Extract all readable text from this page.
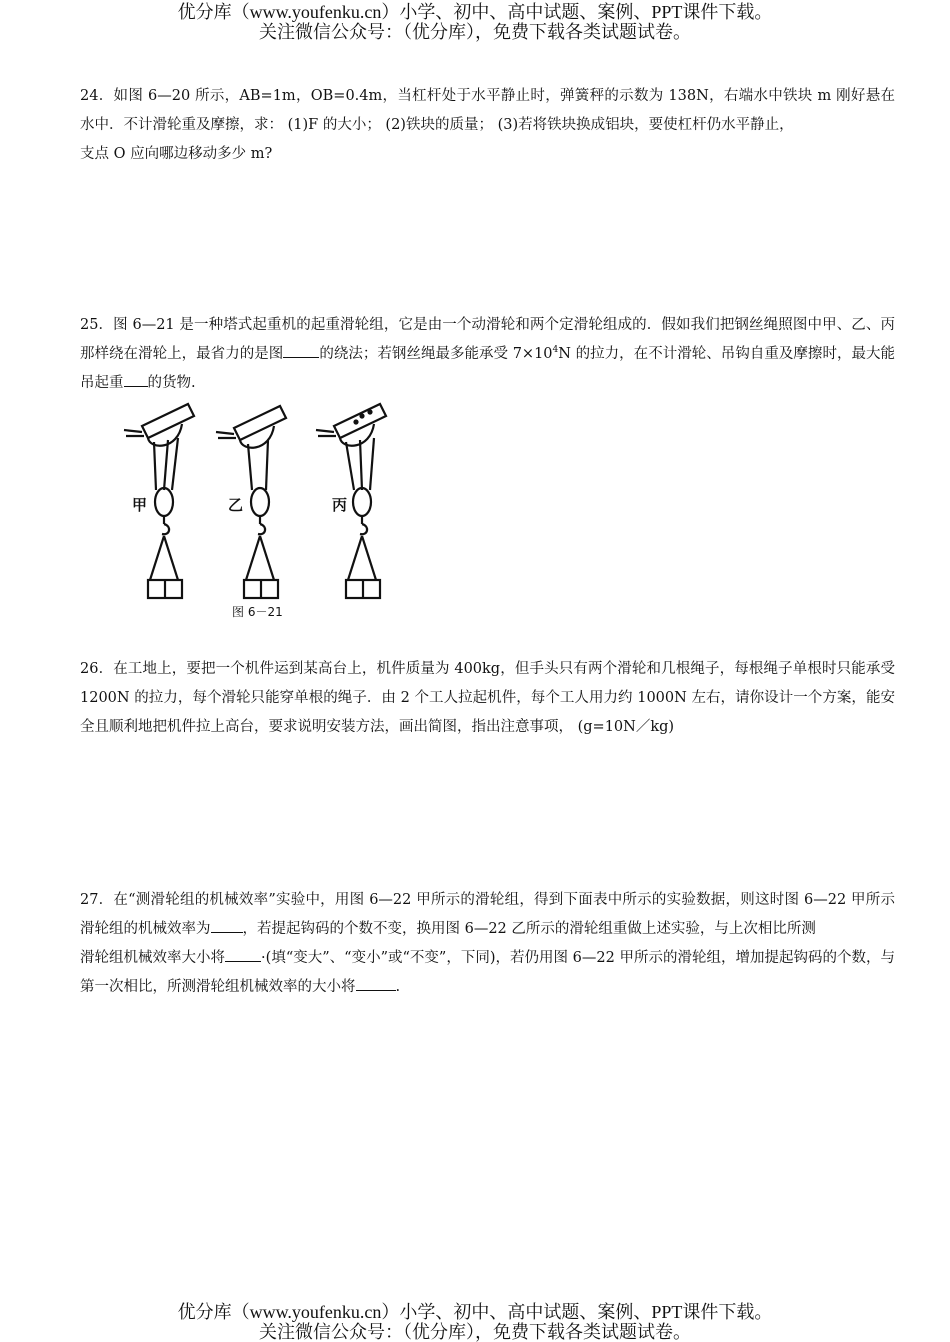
优分库（www.youfenku.cn）小学、初中、高中试题、案例、PPT课件下载。
关注微信公众号：（优分库），免费下载各类试题试卷。
24．如图 6—20 所示，AB=1m，OB=0.4m，当杠杆处于水平静止时，弹簧秤的示数为 138N，右端水中铁块 m 刚好悬在水中．不计滑轮重及摩擦，求： (1)F 的大小； (2)铁块的质量； (3)若将铁块换成铝块，要使杠杆仍水平静止，
支点 O 应向哪边移动多少 m?
25．图 6—21 是一种塔式起重机的起重滑轮组，它是由一个动滑轮和两个定滑轮组成的．假如我们把钢丝绳照图中甲、乙、丙那样绕在滑轮上，最省力的是图 的绕法；若钢丝绳最多能承受 $7\times 10^4N$ 的拉力，在不计滑轮、吊钩自重及摩擦时，最大能吊起重 的货物.
甲	乙	丙
图 6－21
26．在工地上，要把一个机件运到某高台上，机件质量为 400kg，但手头只有两个滑轮和几根绳子，每根绳子单根时只能承受 1200N 的拉力，每个滑轮只能穿单根的绳子．由 2 个工人拉起机件，每个工人用力约 1000N 左右，请你设计一个方案，能安全且顺利地把机件拉上高台，要求说明安装方法，画出简图，指出注意事项， (g=10N／kg)
27．在“测滑轮组的机械效率”实验中，用图 6—22 甲所示的滑轮组，得到下面表中所示的实验数据，则这时图 6—22 甲所示滑轮组的机械效率为 ，若提起钩码的个数不变，换用图 6—22 乙所示的滑轮组重做上述实验，与上次相比所测
滑轮组机械效率大小将 ·(填“变大”、“变小”或“不变”，下同)，若仍用图 6—22 甲所示的滑轮组，增加提起钩码的个数，与第一次相比，所测滑轮组机械效率的大小将	.
优分库（www.youfenku.cn）小学、初中、高中试题、案例、PPT课件下载。
关注微信公众号：（优分库），免费下载各类试题试卷。
